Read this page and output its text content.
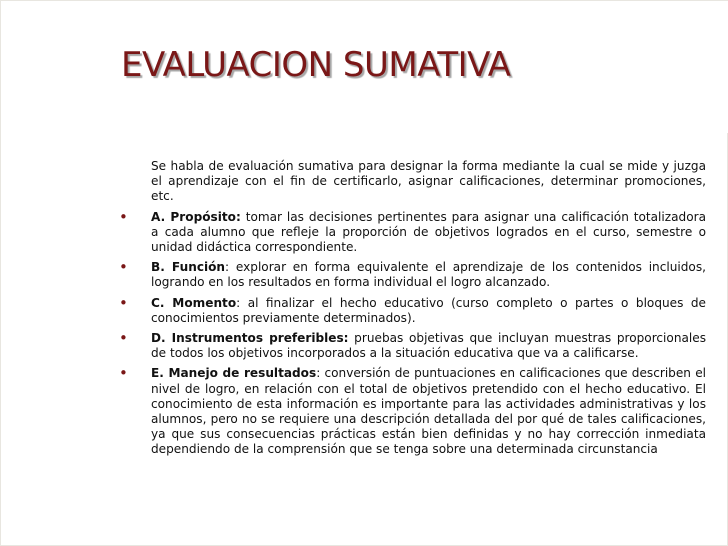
EVALUACION SUMATIVA

Se habla de evaluación sumativa para designar la forma mediante la cual se mide y juzga el aprendizaje con el fin de certificarlo, asignar calificaciones, determinar promociones, etc.

• A. Propósito: tomar las decisiones pertinentes para asignar una calificación totalizadora a cada alumno que refleje la proporción de objetivos logrados en el curso, semestre o unidad didáctica correspondiente.
• B. Función: explorar en forma equivalente el aprendizaje de los contenidos incluidos, logrando en los resultados en forma individual el logro alcanzado.
• C. Momento: al finalizar el hecho educativo (curso completo o partes o bloques de conocimientos previamente determinados).
• D. Instrumentos preferibles: pruebas objetivas que incluyan muestras proporcionales de todos los objetivos incorporados a la situación educativa que va a calificarse.
• E. Manejo de resultados: conversión de puntuaciones en calificaciones que describen el nivel de logro, en relación con el total de objetivos pretendido con el hecho educativo. El conocimiento de esta información es importante para las actividades administrativas y los alumnos, pero no se requiere una descripción detallada del por qué de tales calificaciones, ya que sus consecuencias prácticas están bien definidas y no hay corrección inmediata dependiendo de la comprensión que se tenga sobre una determinada circunstancia
